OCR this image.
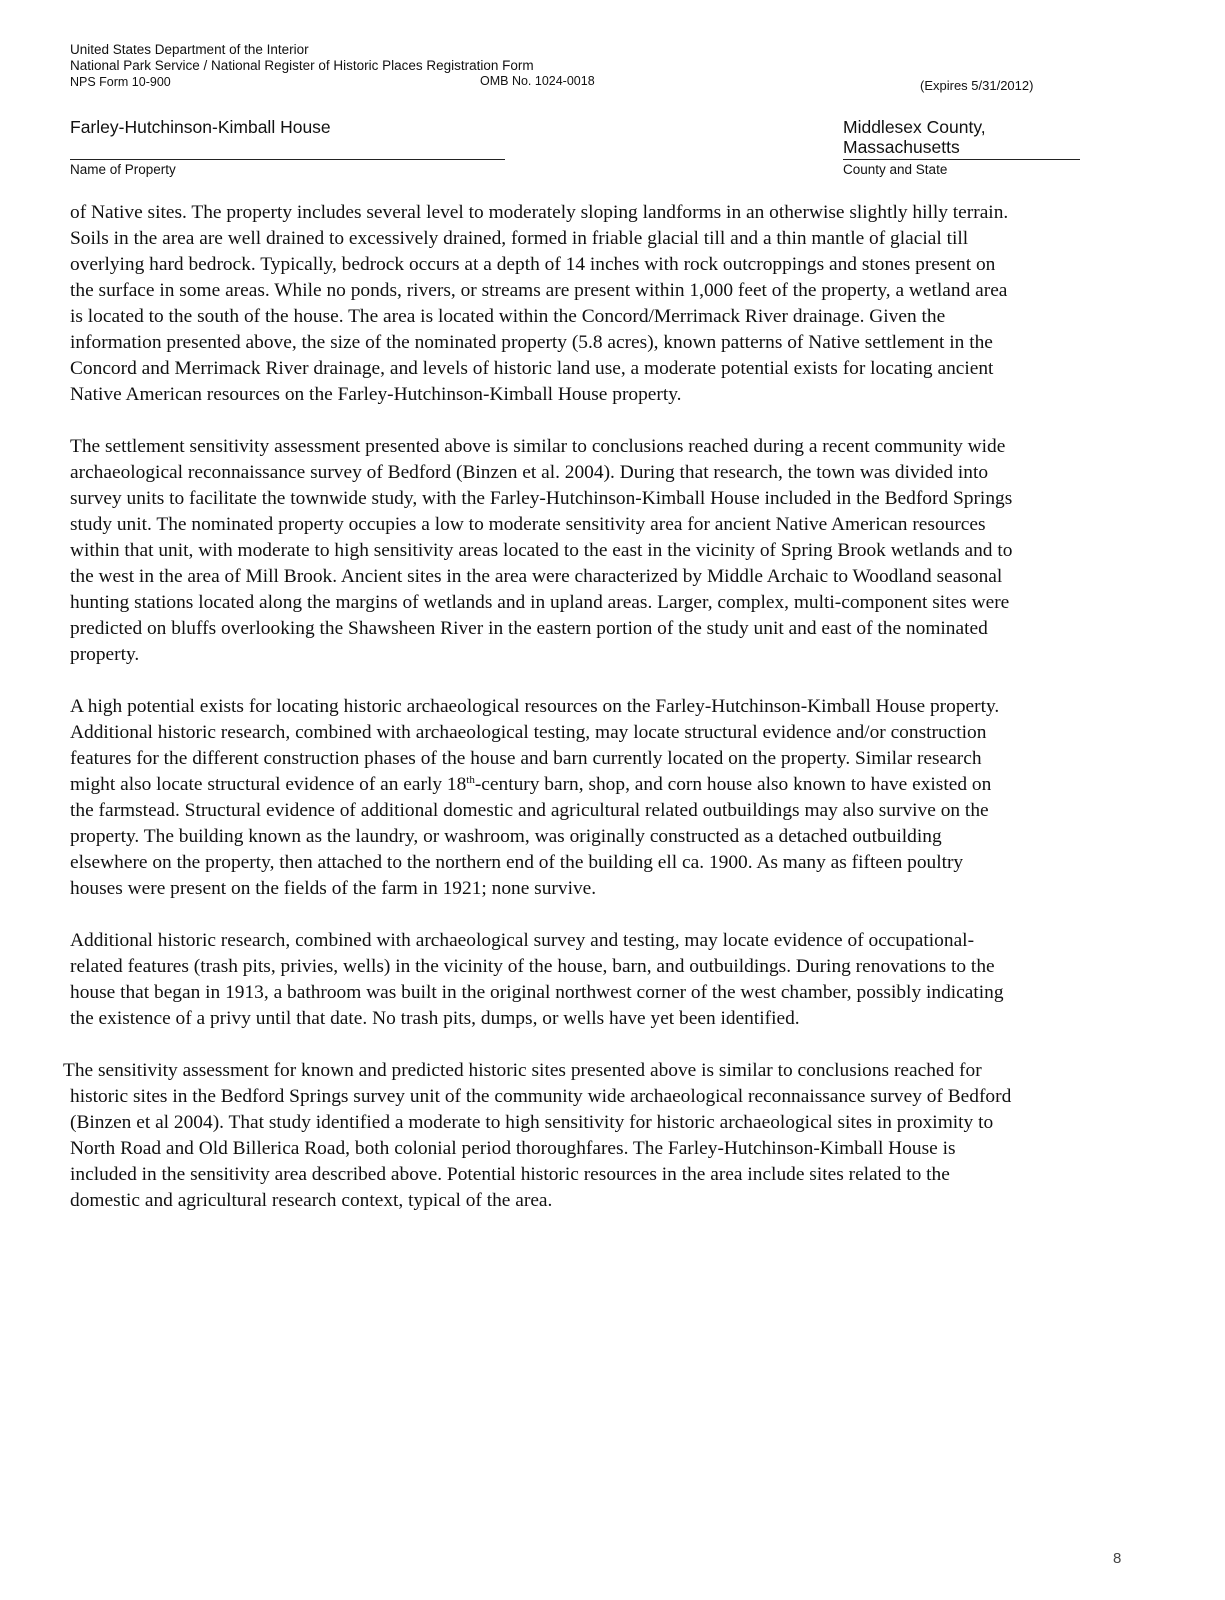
United States Department of the Interior
National Park Service / National Register of Historic Places Registration Form
NPS Form 10-900	OMB No. 1024-0018	(Expires 5/31/2012)
Farley-Hutchinson-Kimball House
Name of Property
Middlesex County,
Massachusetts
County and State
of Native sites. The property includes several level to moderately sloping landforms in an otherwise slightly hilly terrain.
Soils in the area are well drained to excessively drained, formed in friable glacial till and a thin mantle of glacial till
overlying hard bedrock. Typically, bedrock occurs at a depth of 14 inches with rock outcroppings and stones present on
the surface in some areas. While no ponds, rivers, or streams are present within 1,000 feet of the property, a wetland area
is located to the south of the house. The area is located within the Concord/Merrimack River drainage. Given the
information presented above, the size of the nominated property (5.8 acres), known patterns of Native settlement in the
Concord and Merrimack River drainage, and levels of historic land use, a moderate potential exists for locating ancient
Native American resources on the Farley-Hutchinson-Kimball House property.
The settlement sensitivity assessment presented above is similar to conclusions reached during a recent community wide
archaeological reconnaissance survey of Bedford (Binzen et al. 2004). During that research, the town was divided into
survey units to facilitate the townwide study, with the Farley-Hutchinson-Kimball House included in the Bedford Springs
study unit. The nominated property occupies a low to moderate sensitivity area for ancient Native American resources
within that unit, with moderate to high sensitivity areas located to the east in the vicinity of Spring Brook wetlands and to
the west in the area of Mill Brook. Ancient sites in the area were characterized by Middle Archaic to Woodland seasonal
hunting stations located along the margins of wetlands and in upland areas. Larger, complex, multi-component sites were
predicted on bluffs overlooking the Shawsheen River in the eastern portion of the study unit and east of the nominated
property.
A high potential exists for locating historic archaeological resources on the Farley-Hutchinson-Kimball House property.
Additional historic research, combined with archaeological testing, may locate structural evidence and/or construction
features for the different construction phases of the house and barn currently located on the property. Similar research
might also locate structural evidence of an early 18th-century barn, shop, and corn house also known to have existed on
the farmstead. Structural evidence of additional domestic and agricultural related outbuildings may also survive on the
property. The building known as the laundry, or washroom, was originally constructed as a detached outbuilding
elsewhere on the property, then attached to the northern end of the building ell ca. 1900. As many as fifteen poultry
houses were present on the fields of the farm in 1921; none survive.
Additional historic research, combined with archaeological survey and testing, may locate evidence of occupational-
related features (trash pits, privies, wells) in the vicinity of the house, barn, and outbuildings. During renovations to the
house that began in 1913, a bathroom was built in the original northwest corner of the west chamber, possibly indicating
the existence of a privy until that date. No trash pits, dumps, or wells have yet been identified.
The sensitivity assessment for known and predicted historic sites presented above is similar to conclusions reached for
historic sites in the Bedford Springs survey unit of the community wide archaeological reconnaissance survey of Bedford
(Binzen et al 2004). That study identified a moderate to high sensitivity for historic archaeological sites in proximity to
North Road and Old Billerica Road, both colonial period thoroughfares. The Farley-Hutchinson-Kimball House is
included in the sensitivity area described above. Potential historic resources in the area include sites related to the
domestic and agricultural research context, typical of the area.
8
